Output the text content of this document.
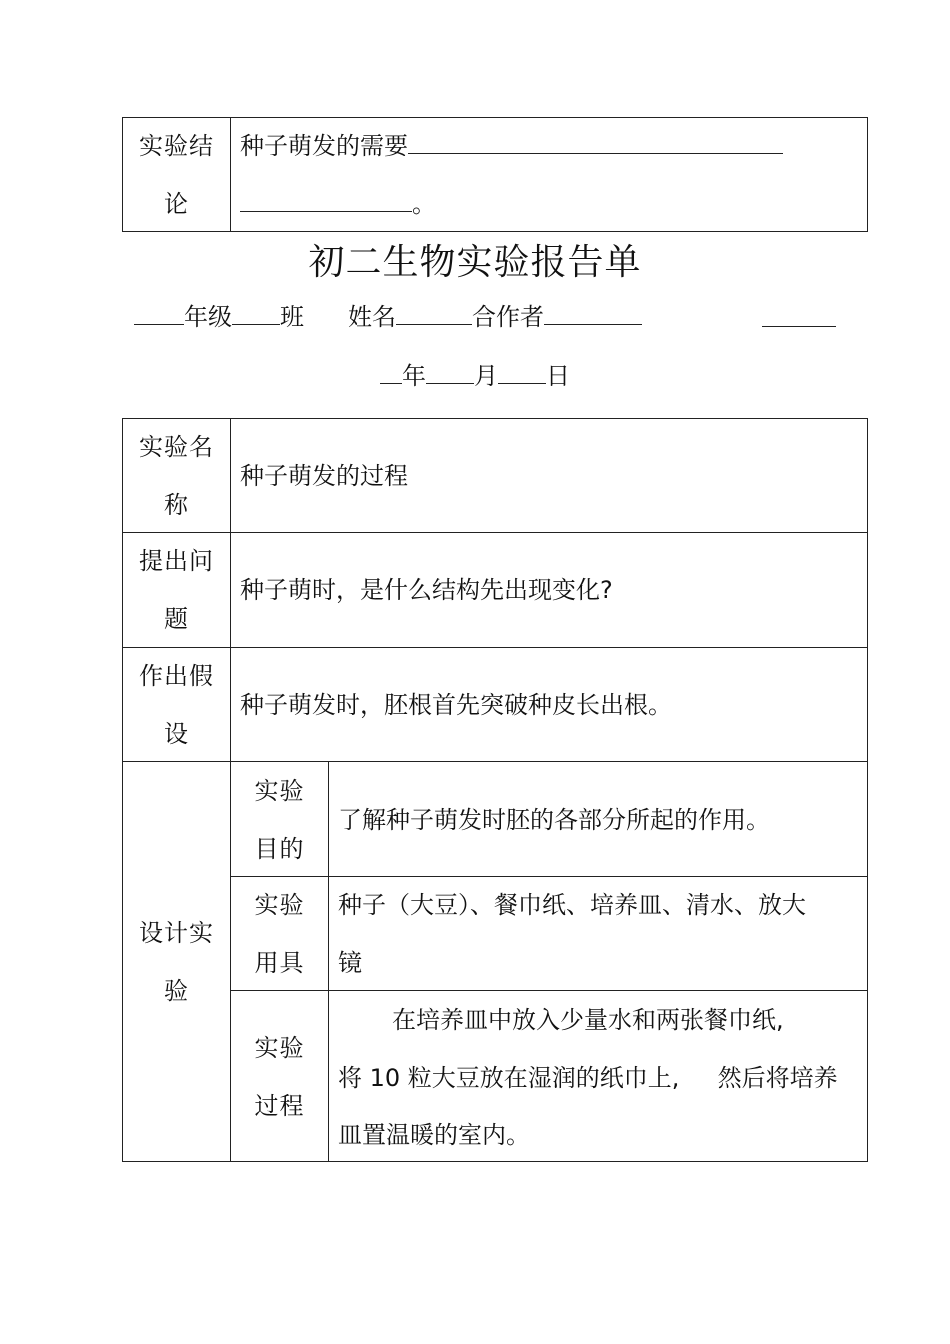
实验结
论
种子萌发的需要
。
初二生物实验报告单
年级 班 姓名	合作者
年 月 日
实验名
称
种子萌发的过程
提出问
题
种子萌时，是什么结构先出现变化?
作出假
设
种子萌发时，胚根首先突破种皮长出根。
设计实
验
实验
目的
了解种子萌发时胚的各部分所起的作用。
实验
用具
种子（大豆）、餐巾纸、培养皿、清水、放大
镜
实验
过程
在培养皿中放入少量水和两张餐巾纸,
将 10 粒大豆放在湿润的纸巾上,     然后将培养
皿置温暖的室内。
